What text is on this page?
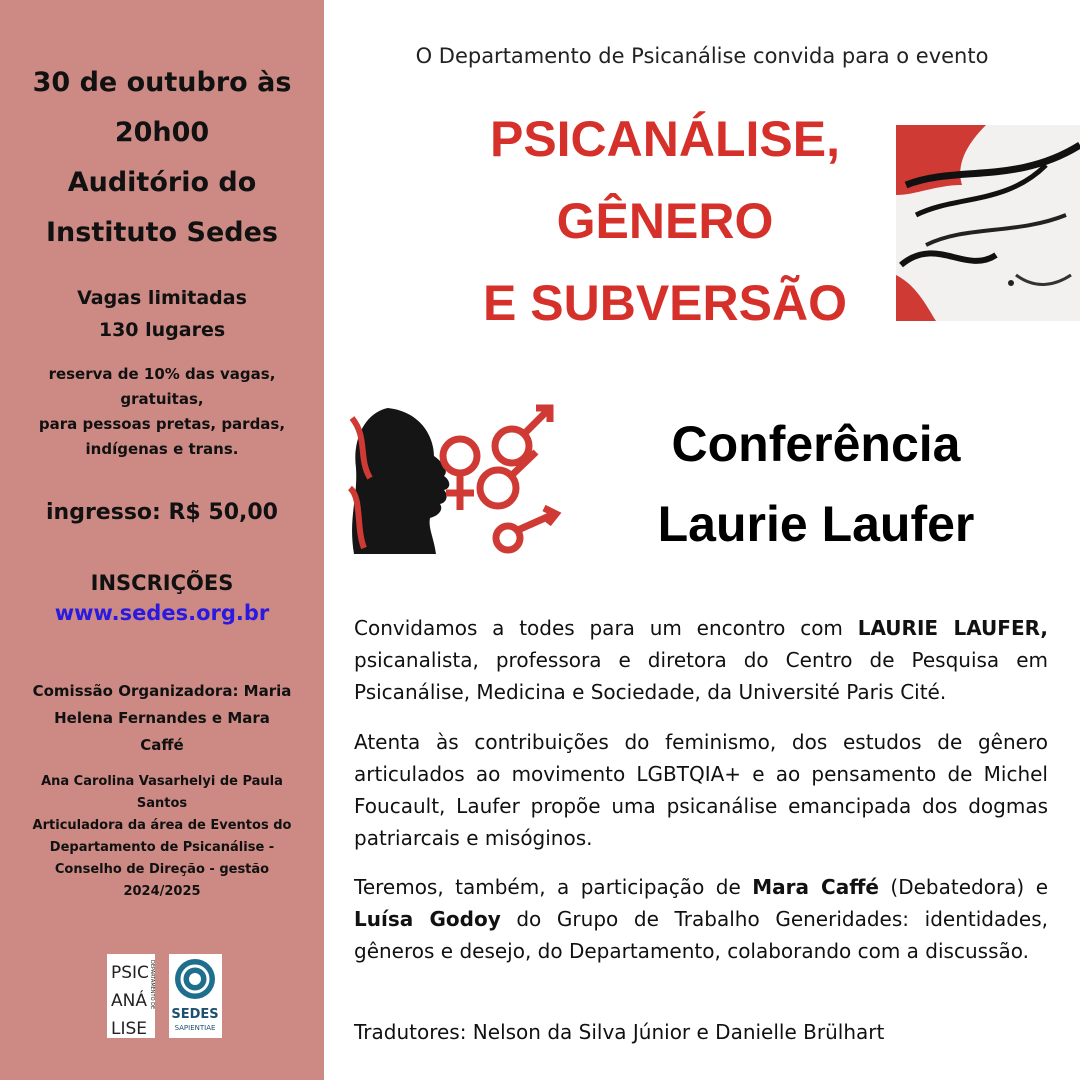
30 de outubro às
20h00
Auditório do
Instituto Sedes
Vagas limitadas
130 lugares
reserva de 10% das vagas,
gratuitas,
para pessoas pretas, pardas,
indígenas e trans.
ingresso: R$ 50,00
INSCRIÇÕES
www.sedes.org.br
Comissão Organizadora: Maria
Helena Fernandes e Mara
Caffé
Ana Carolina Vasarhelyi de Paula
Santos
Articuladora da área de Eventos do
Departamento de Psicanálise -
Conselho de Direção - gestão
2024/2025
PSIC
ANÁ
LISE
DEPARTAMENTO DE
SEDES
SAPIENTIAE
O Departamento de Psicanálise convida para o evento
PSICANÁLISE,
GÊNERO
E SUBVERSÃO
Conferência
Laurie Laufer

Convidamos a todes para um encontro com LAURIE LAUFER, psicanalista, professora e diretora do Centro de Pesquisa em Psicanálise, Medicina e Sociedade, da Université Paris Cité.

Atenta às contribuições do feminismo, dos estudos de gênero articulados ao movimento LGBTQIA+ e ao pensamento de Michel Foucault, Laufer propõe uma psicanálise emancipada dos dogmas patriarcais e misóginos.

Teremos, também, a participação de Mara Caffé (Debatedora) e Luísa Godoy do Grupo de Trabalho Generidades: identidades, gêneros e desejo, do Departamento, colaborando com a discussão.

Tradutores: Nelson da Silva Júnior e Danielle Brülhart
